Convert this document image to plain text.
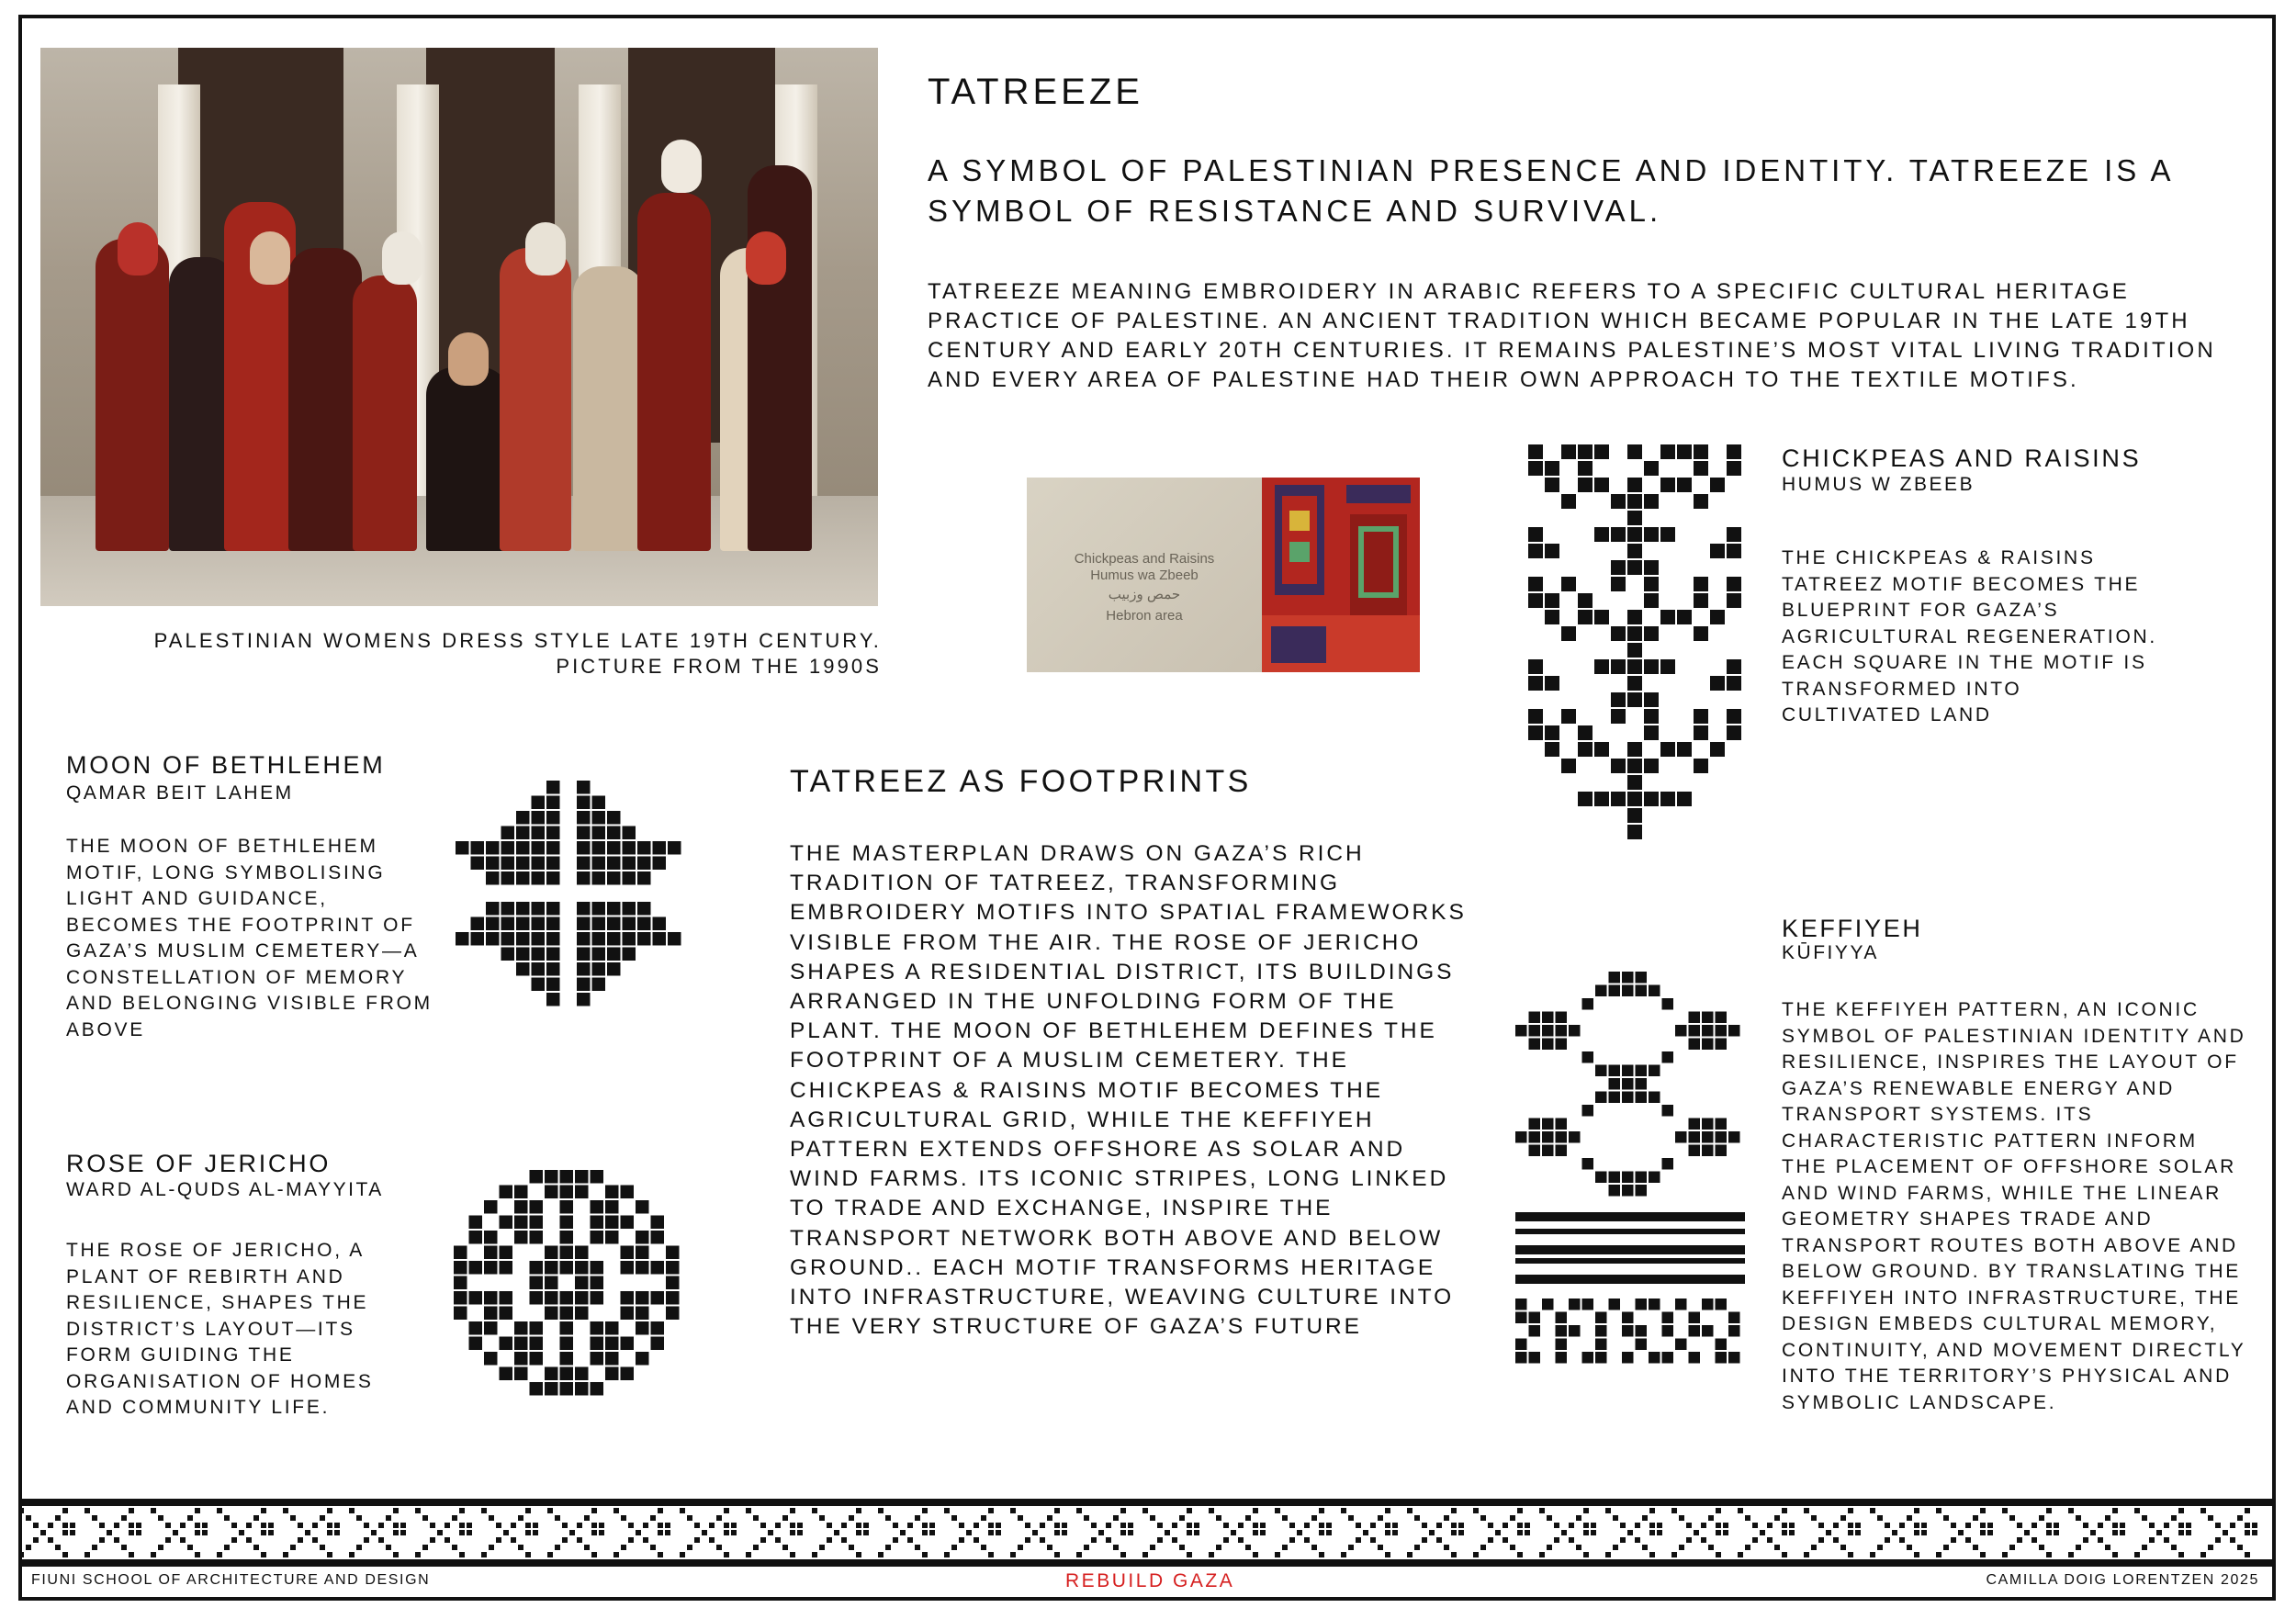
PALESTINIAN WOMENS DRESS STYLE LATE 19TH CENTURY.
PICTURE FROM THE 1990S
TATREEZE
A SYMBOL OF PALESTINIAN PRESENCE AND IDENTITY. TATREEZE IS A SYMBOL OF RESISTANCE AND SURVIVAL.
TATREEZE MEANING EMBROIDERY IN ARABIC REFERS TO A SPECIFIC CULTURAL HERITAGE PRACTICE OF PALESTINE. AN ANCIENT TRADITION WHICH BECAME POPULAR IN THE LATE 19TH CENTURY AND EARLY 20TH CENTURIES. IT REMAINS PALESTINE’S MOST VITAL LIVING TRADITION AND EVERY AREA OF PALESTINE HAD THEIR OWN APPROACH TO THE TEXTILE MOTIFS.
Chickpeas and Raisins
Humus wa Zbeeb
حمص وزبيب
Hebron area
MOON OF BETHLEHEM
QAMAR BEIT LAHEM
THE MOON OF BETHLEHEM MOTIF, LONG SYMBOLISING LIGHT AND GUIDANCE, BECOMES THE FOOTPRINT OF GAZA’S MUSLIM CEMETERY—A CONSTELLATION OF MEMORY AND BELONGING VISIBLE FROM ABOVE
ROSE OF JERICHO
WARD AL-QUDS AL-MAYYITA
THE ROSE OF JERICHO, A PLANT OF REBIRTH AND RESILIENCE, SHAPES THE DISTRICT’S LAYOUT—ITS FORM GUIDING THE ORGANISATION OF HOMES AND COMMUNITY LIFE.
TATREEZ AS FOOTPRINTS
THE MASTERPLAN DRAWS ON GAZA’S RICH TRADITION OF TATREEZ, TRANSFORMING EMBROIDERY MOTIFS INTO SPATIAL FRAMEWORKS VISIBLE FROM THE AIR. THE ROSE OF JERICHO SHAPES A RESIDENTIAL DISTRICT, ITS BUILDINGS ARRANGED IN THE UNFOLDING FORM OF THE PLANT. THE MOON OF BETHLEHEM DEFINES THE FOOTPRINT OF A MUSLIM CEMETERY. THE CHICKPEAS & RAISINS MOTIF BECOMES THE AGRICULTURAL GRID, WHILE THE KEFFIYEH PATTERN EXTENDS OFFSHORE AS SOLAR AND WIND FARMS. ITS ICONIC STRIPES, LONG LINKED TO TRADE AND EXCHANGE, INSPIRE THE TRANSPORT NETWORK BOTH ABOVE AND BELOW GROUND.. EACH MOTIF TRANSFORMS HERITAGE INTO INFRASTRUCTURE, WEAVING CULTURE INTO THE VERY STRUCTURE OF GAZA’S FUTURE
CHICKPEAS AND RAISINS
HUMUS W ZBEEB
THE CHICKPEAS & RAISINS TATREEZ MOTIF BECOMES THE BLUEPRINT FOR GAZA’S AGRICULTURAL REGENERATION. EACH SQUARE IN THE MOTIF IS TRANSFORMED INTO CULTIVATED LAND
KEFFIYEH
KŪFIYYA
THE KEFFIYEH PATTERN, AN ICONIC SYMBOL OF PALESTINIAN IDENTITY AND RESILIENCE, INSPIRES THE LAYOUT OF GAZA’S RENEWABLE ENERGY AND TRANSPORT SYSTEMS. ITS CHARACTERISTIC PATTERN INFORM THE PLACEMENT OF OFFSHORE SOLAR AND WIND FARMS, WHILE THE LINEAR GEOMETRY SHAPES TRADE AND TRANSPORT ROUTES BOTH ABOVE AND BELOW GROUND. BY TRANSLATING THE KEFFIYEH INTO INFRASTRUCTURE, THE DESIGN EMBEDS CULTURAL MEMORY, CONTINUITY, AND MOVEMENT DIRECTLY INTO THE TERRITORY’S PHYSICAL AND SYMBOLIC LANDSCAPE.
FIUNI SCHOOL OF ARCHITECTURE AND DESIGN	REBUILD GAZA	CAMILLA DOIG LORENTZEN 2025
